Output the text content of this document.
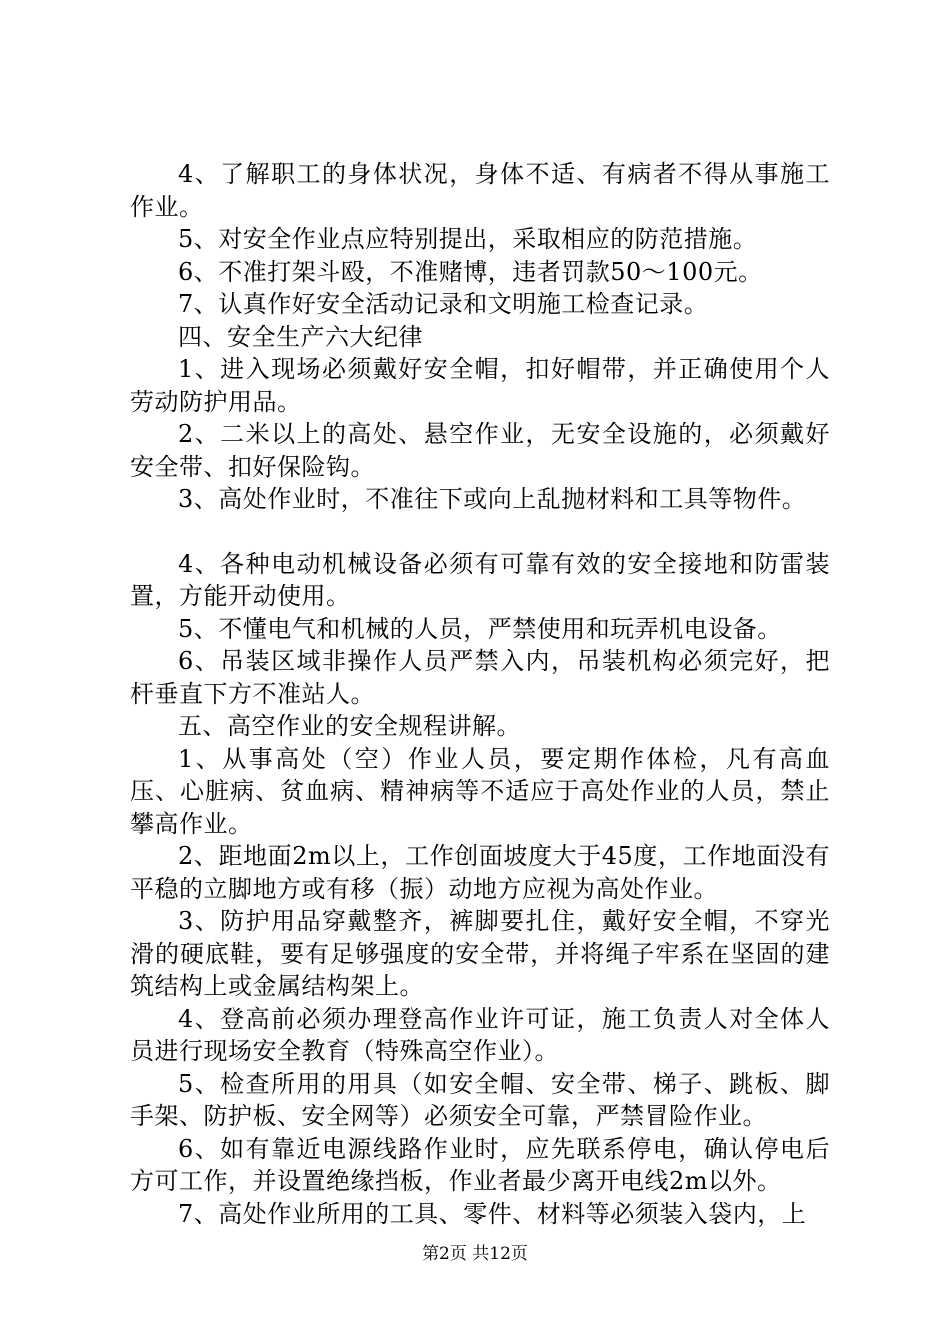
4、了解职工的身体状况，身体不适、有病者不得从事施工作业。

5、对安全作业点应特别提出，采取相应的防范措施。

6、不准打架斗殴，不准赌博，违者罚款50～100元。

7、认真作好安全活动记录和文明施工检查记录。

四、安全生产六大纪律

1、进入现场必须戴好安全帽，扣好帽带，并正确使用个人劳动防护用品。

2、二米以上的高处、悬空作业，无安全设施的，必须戴好安全带、扣好保险钩。

3、高处作业时，不准往下或向上乱抛材料和工具等物件。

4、各种电动机械设备必须有可靠有效的安全接地和防雷装置，方能开动使用。

5、不懂电气和机械的人员，严禁使用和玩弄机电设备。

6、吊装区域非操作人员严禁入内，吊装机构必须完好，把杆垂直下方不准站人。

五、高空作业的安全规程讲解。

1、从事高处（空）作业人员，要定期作体检，凡有高血压、心脏病、贫血病、精神病等不适应于高处作业的人员，禁止攀高作业。

2、距地面2m以上，工作创面坡度大于45度，工作地面没有平稳的立脚地方或有移（振）动地方应视为高处作业。

3、防护用品穿戴整齐，裤脚要扎住，戴好安全帽，不穿光滑的硬底鞋，要有足够强度的安全带，并将绳子牢系在坚固的建筑结构上或金属结构架上。

4、登高前必须办理登高作业许可证，施工负责人对全体人员进行现场安全教育（特殊高空作业）。

5、检查所用的用具（如安全帽、安全带、梯子、跳板、脚手架、防护板、安全网等）必须安全可靠，严禁冒险作业。

6、如有靠近电源线路作业时，应先联系停电，确认停电后方可工作，并设置绝缘挡板，作业者最少离开电线2m以外。

7、高处作业所用的工具、零件、材料等必须装入袋内，上

第2页 共12页
